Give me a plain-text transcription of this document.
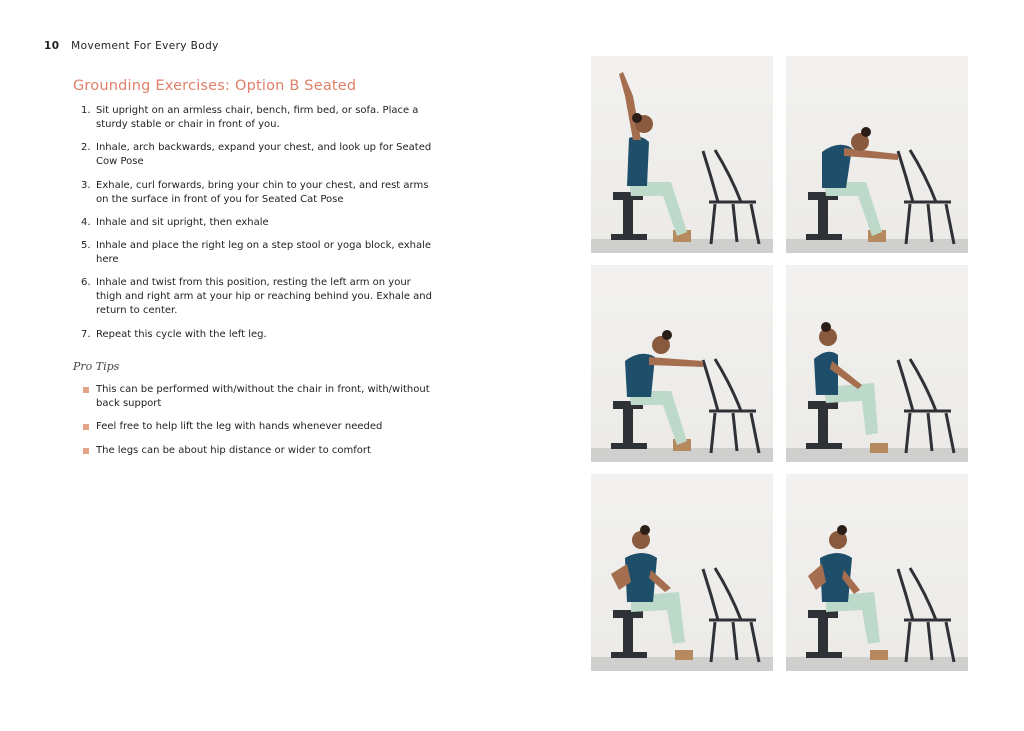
10 Movement For Every Body
Grounding Exercises: Option B Seated
1. Sit upright on an armless chair, bench, firm bed, or sofa. Place a sturdy stable or chair in front of you.
2. Inhale, arch backwards, expand your chest, and look up for Seated Cow Pose
3. Exhale, curl forwards, bring your chin to your chest, and rest arms on the surface in front of you for Seated Cat Pose
4. Inhale and sit upright, then exhale
5. Inhale and place the right leg on a step stool or yoga block, exhale here
6. Inhale and twist from this position, resting the left arm on your thigh and right arm at your hip or reaching behind you. Exhale and return to center.
7. Repeat this cycle with the left leg.
Pro Tips
This can be performed with/without the chair in front, with/without back support
Feel free to help lift the leg with hands whenever needed
The legs can be about hip distance or wider to comfort
